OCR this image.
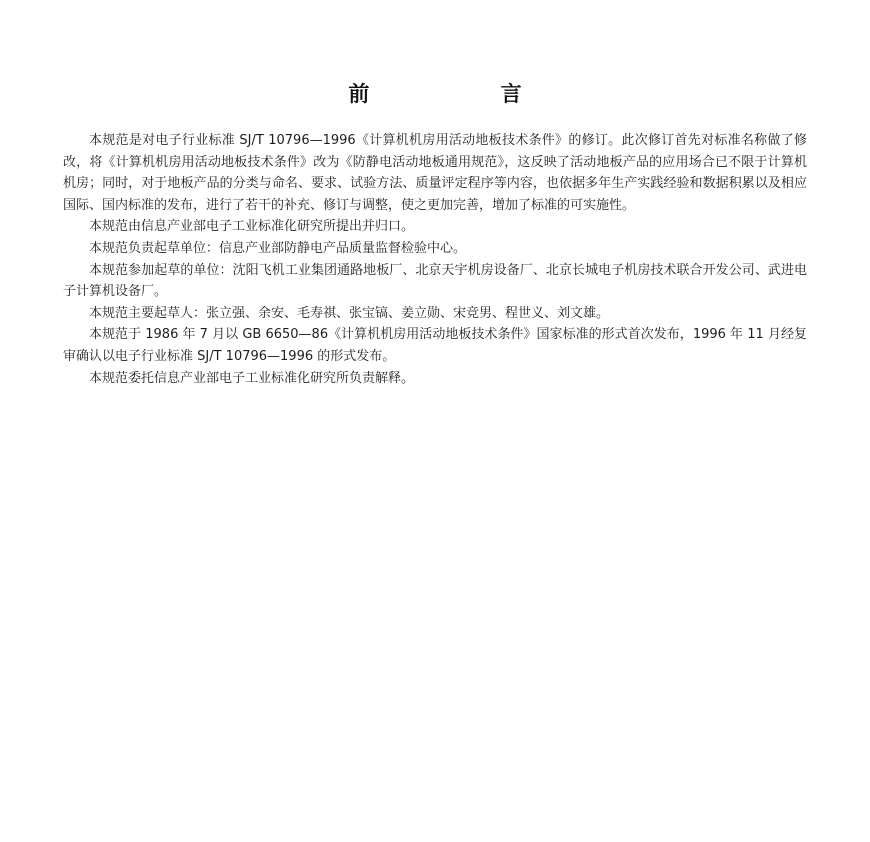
前 言

本规范是对电子行业标准 SJ/T 10796—1996《计算机机房用活动地板技术条件》的修订。此次修订首先对标准名称做了修改，将《计算机机房用活动地板技术条件》改为《防静电活动地板通用规范》，这反映了活动地板产品的应用场合已不限于计算机机房；同时，对于地板产品的分类与命名、要求、试验方法、质量评定程序等内容，也依据多年生产实践经验和数据积累以及相应国际、国内标准的发布，进行了若干的补充、修订与调整，使之更加完善，增加了标准的可实施性。

本规范由信息产业部电子工业标准化研究所提出并归口。

本规范负责起草单位：信息产业部防静电产品质量监督检验中心。

本规范参加起草的单位：沈阳飞机工业集团通路地板厂、北京天宇机房设备厂、北京长城电子机房技术联合开发公司、武进电子计算机设备厂。

本规范主要起草人：张立强、余安、毛寿祺、张宝镐、姜立勋、宋竞男、程世义、刘文雄。

本规范于 1986 年 7 月以 GB 6650—86《计算机机房用活动地板技术条件》国家标准的形式首次发布，1996 年 11 月经复审确认以电子行业标准 SJ/T 10796—1996 的形式发布。

本规范委托信息产业部电子工业标准化研究所负责解释。
